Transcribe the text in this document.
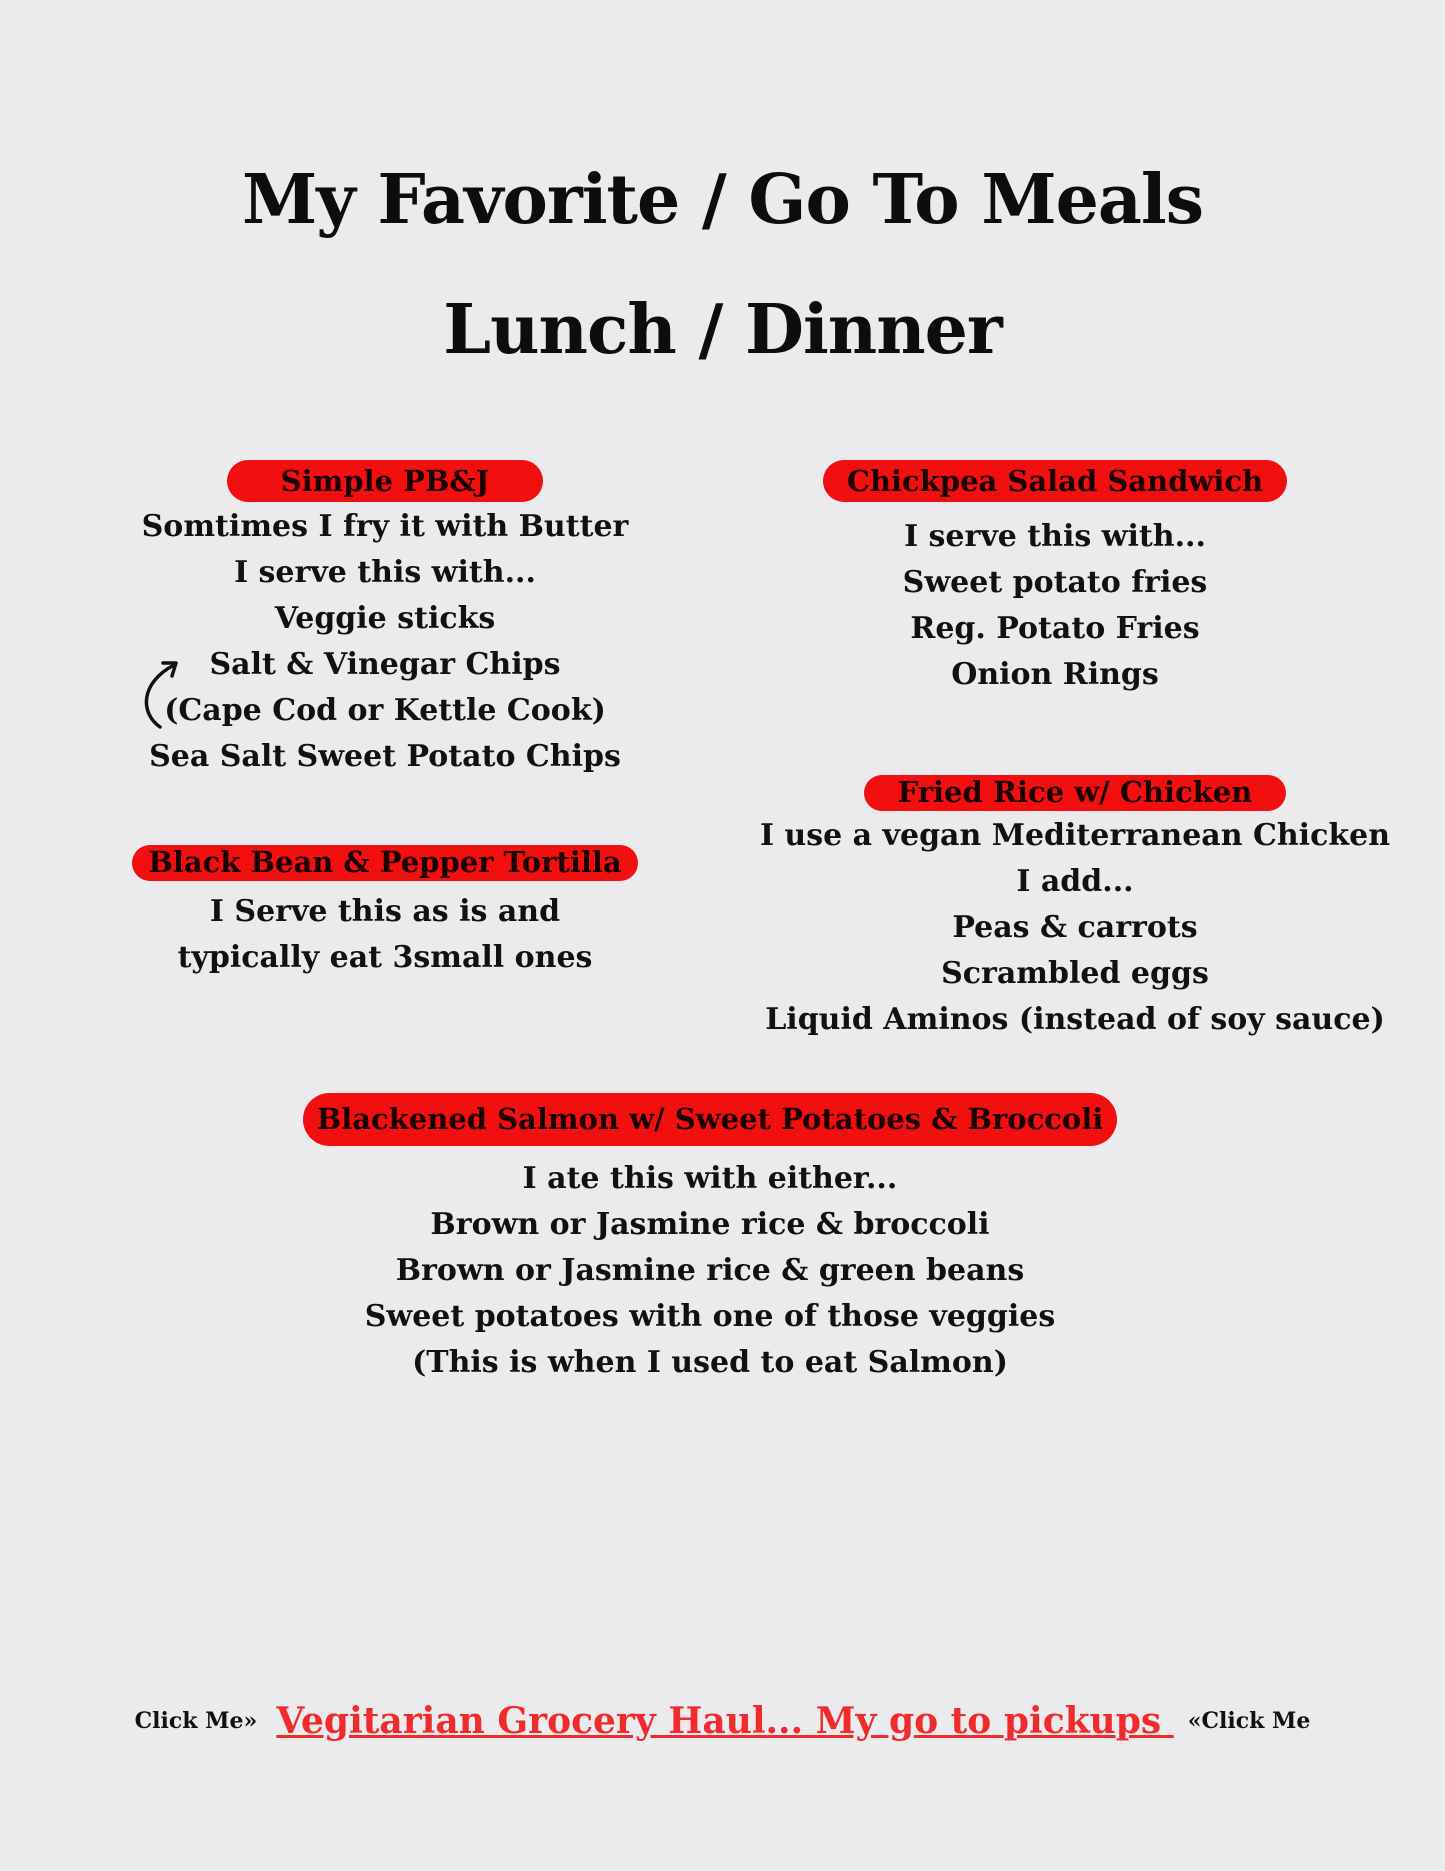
My Favorite / Go To Meals
Lunch / Dinner
Simple PB&J
Somtimes I fry it with Butter
I serve this with...
Veggie sticks
Salt & Vinegar Chips
(Cape Cod or Kettle Cook)
Sea Salt Sweet Potato Chips
Chickpea Salad Sandwich
I serve this with...
Sweet potato fries
Reg. Potato Fries
Onion Rings
Black Bean & Pepper Tortilla
I Serve this as is and
typically eat 3small ones
Fried Rice w/ Chicken
I use a vegan Mediterranean Chicken
I add...
Peas & carrots
Scrambled eggs
Liquid Aminos (instead of soy sauce)
Blackened Salmon w/ Sweet Potatoes & Broccoli
I ate this with either...
Brown or Jasmine rice & broccoli
Brown or Jasmine rice & green beans
Sweet potatoes with one of those veggies
(This is when I used to eat Salmon)
Click Me» Vegitarian Grocery Haul... My go to pickups «Click Me
